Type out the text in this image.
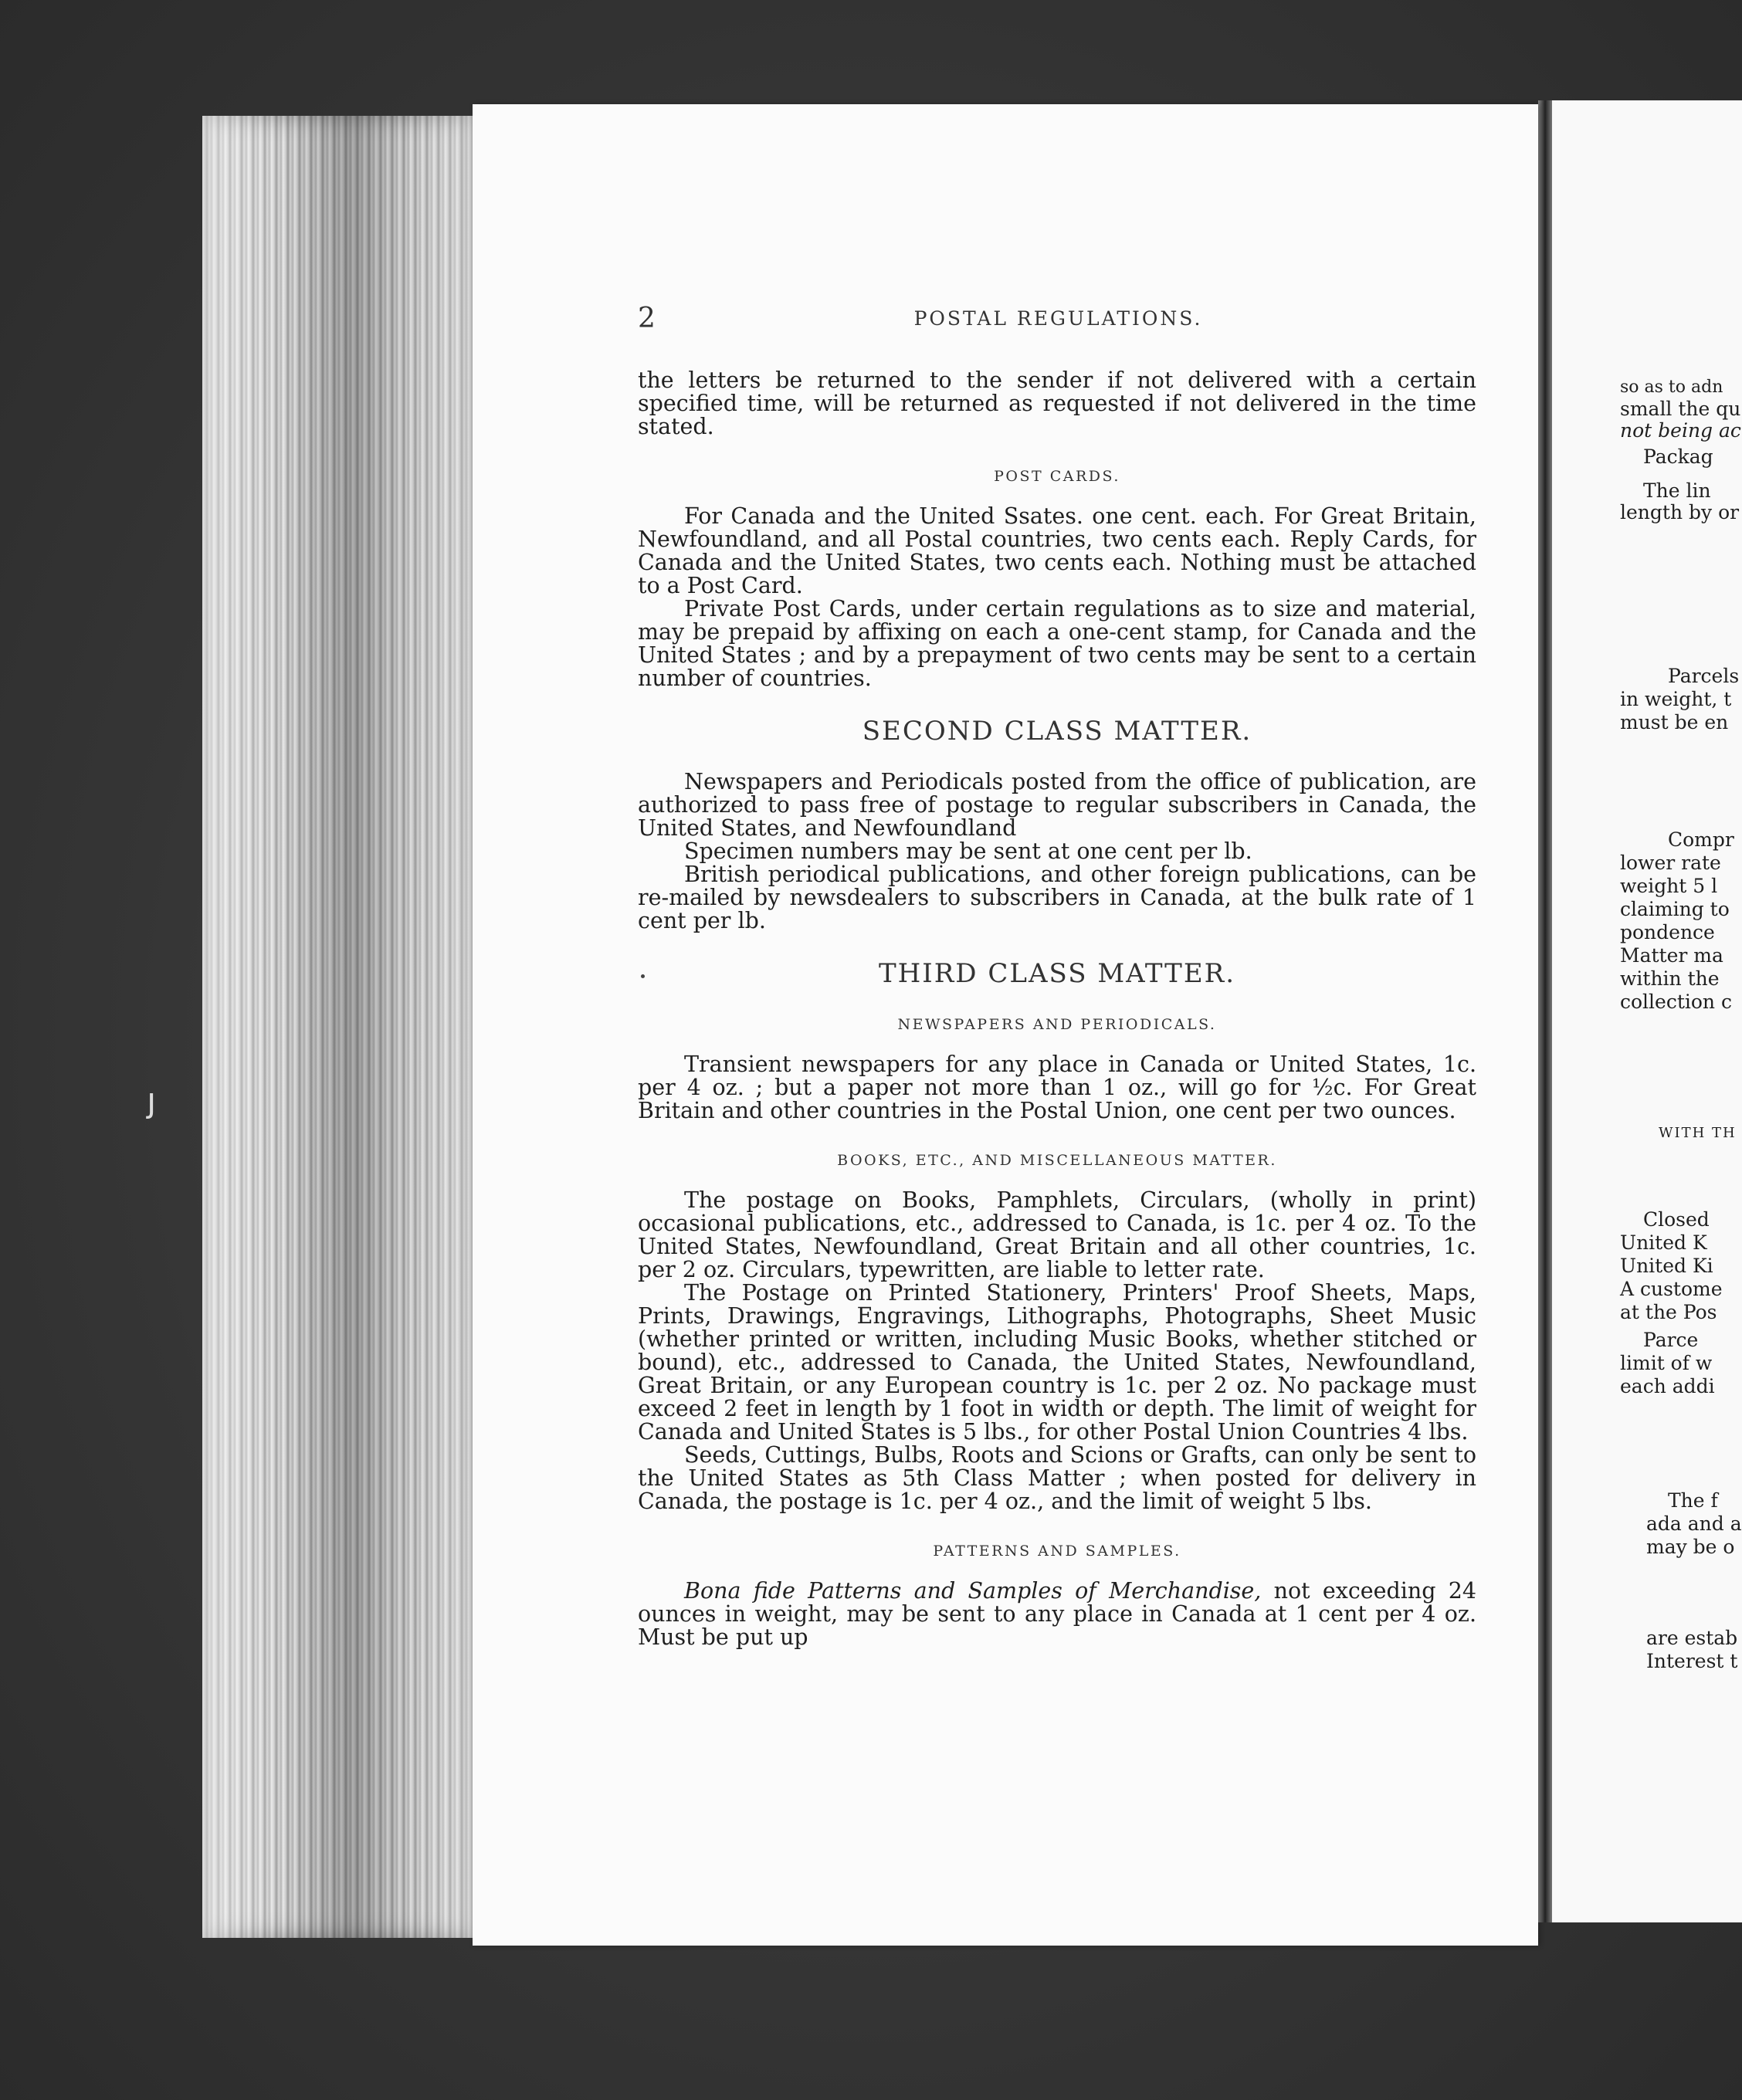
ȷ
2	POSTAL REGULATIONS.

the letters be returned to the sender if not delivered with a certain specified time, will be returned as requested if not delivered in the time stated.

POST CARDS.

For Canada and the United Ssates. one cent. each. For Great Britain, Newfoundland, and all Postal countries, two cents each. Reply Cards, for Canada and the United States, two cents each. Nothing must be attached to a Post Card.

Private Post Cards, under certain regulations as to size and material, may be prepaid by affixing on each a one-cent stamp, for Canada and the United States ; and by a prepayment of two cents may be sent to a certain number of countries.

SECOND CLASS MATTER.

Newspapers and Periodicals posted from the office of publication, are authorized to pass free of postage to regular subscribers in Canada, the United States, and Newfoundland

Specimen numbers may be sent at one cent per lb.

British periodical publications, and other foreign publications, can be re-mailed by newsdealers to subscribers in Canada, at the bulk rate of 1 cent per lb.

THIRD CLASS MATTER.
NEWSPAPERS AND PERIODICALS.

Transient newspapers for any place in Canada or United States, 1c. per 4 oz. ; but a paper not more than 1 oz., will go for ½c. For Great Britain and other countries in the Postal Union, one cent per two ounces.

BOOKS, ETC., AND MISCELLANEOUS MATTER.

The postage on Books, Pamphlets, Circulars, (wholly in print) occasional publications, etc., addressed to Canada, is 1c. per 4 oz. To the United States, Newfoundland, Great Britain and all other countries, 1c. per 2 oz. Circulars, typewritten, are liable to letter rate.

The Postage on Printed Stationery, Printers' Proof Sheets, Maps, Prints, Drawings, Engravings, Lithographs, Photographs, Sheet Music (whether printed or written, including Music Books, whether stitched or bound), etc., addressed to Canada, the United States, Newfoundland, Great Britain, or any European country is 1c. per 2 oz. No package must exceed 2 feet in length by 1 foot in width or depth. The limit of weight for Canada and United States is 5 lbs., for other Postal Union Countries 4 lbs.

Seeds, Cuttings, Bulbs, Roots and Scions or Grafts, can only be sent to the United States as 5th Class Matter ; when posted for delivery in Canada, the postage is 1c. per 4 oz., and the limit of weight 5 lbs.

PATTERNS AND SAMPLES.

Bona fide Patterns and Samples of Merchandise, not exceeding 24 ounces in weight, may be sent to any place in Canada at 1 cent per 4 oz. Must be put up

so as to adn
small the qu
not being ac
Packag
The lin
length by or
Parcels
in weight, t
must be en
Compr
lower rate
weight 5 l
claiming to
pondence
Matter ma
within the
collection c
WITH TH
Closed
United K
United Ki
A custome
at the Pos
Parce
limit of w
each addi
The f
ada and a
may be o
are estab
Interest t
